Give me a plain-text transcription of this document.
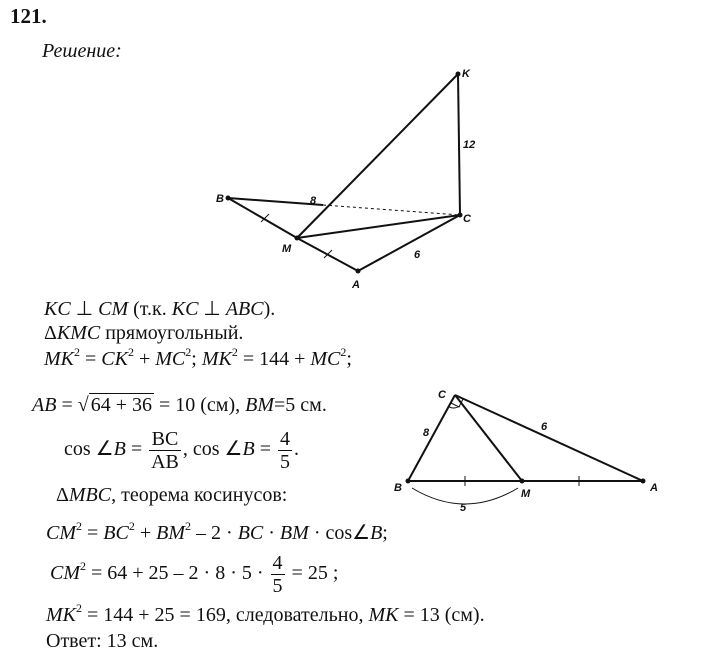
121.
Решение:
K
B
C
M
A
12
8
6
C
B	M	A
8	6
5
KC ⊥ CM (т.к. KC ⊥ ABC).
ΔKMC прямоугольный.
$MK^2 = CK^2 + MC^2$; $MK^2 = 144 + MC^2$;
AB = √ 64 + 36 = 10 (см), BM=5 см.
cos ∠B = $\frac{BC}{AB}$ , cos ∠B = $\frac{4}{5}$ .
ΔMBC, теорема косинусов:
$CM^2 = BC^2 + BM^2 - 2$ · BC · BM · cos∠B;
$CM^2 = 64 + 25 - 2 \cdot 8 \cdot 5 \cdot \frac{4}{5} = 25$ ;
$MK^2 = 144 + 25 = 169$, следовательно, MK = 13 (см).
Ответ: 13 см.
